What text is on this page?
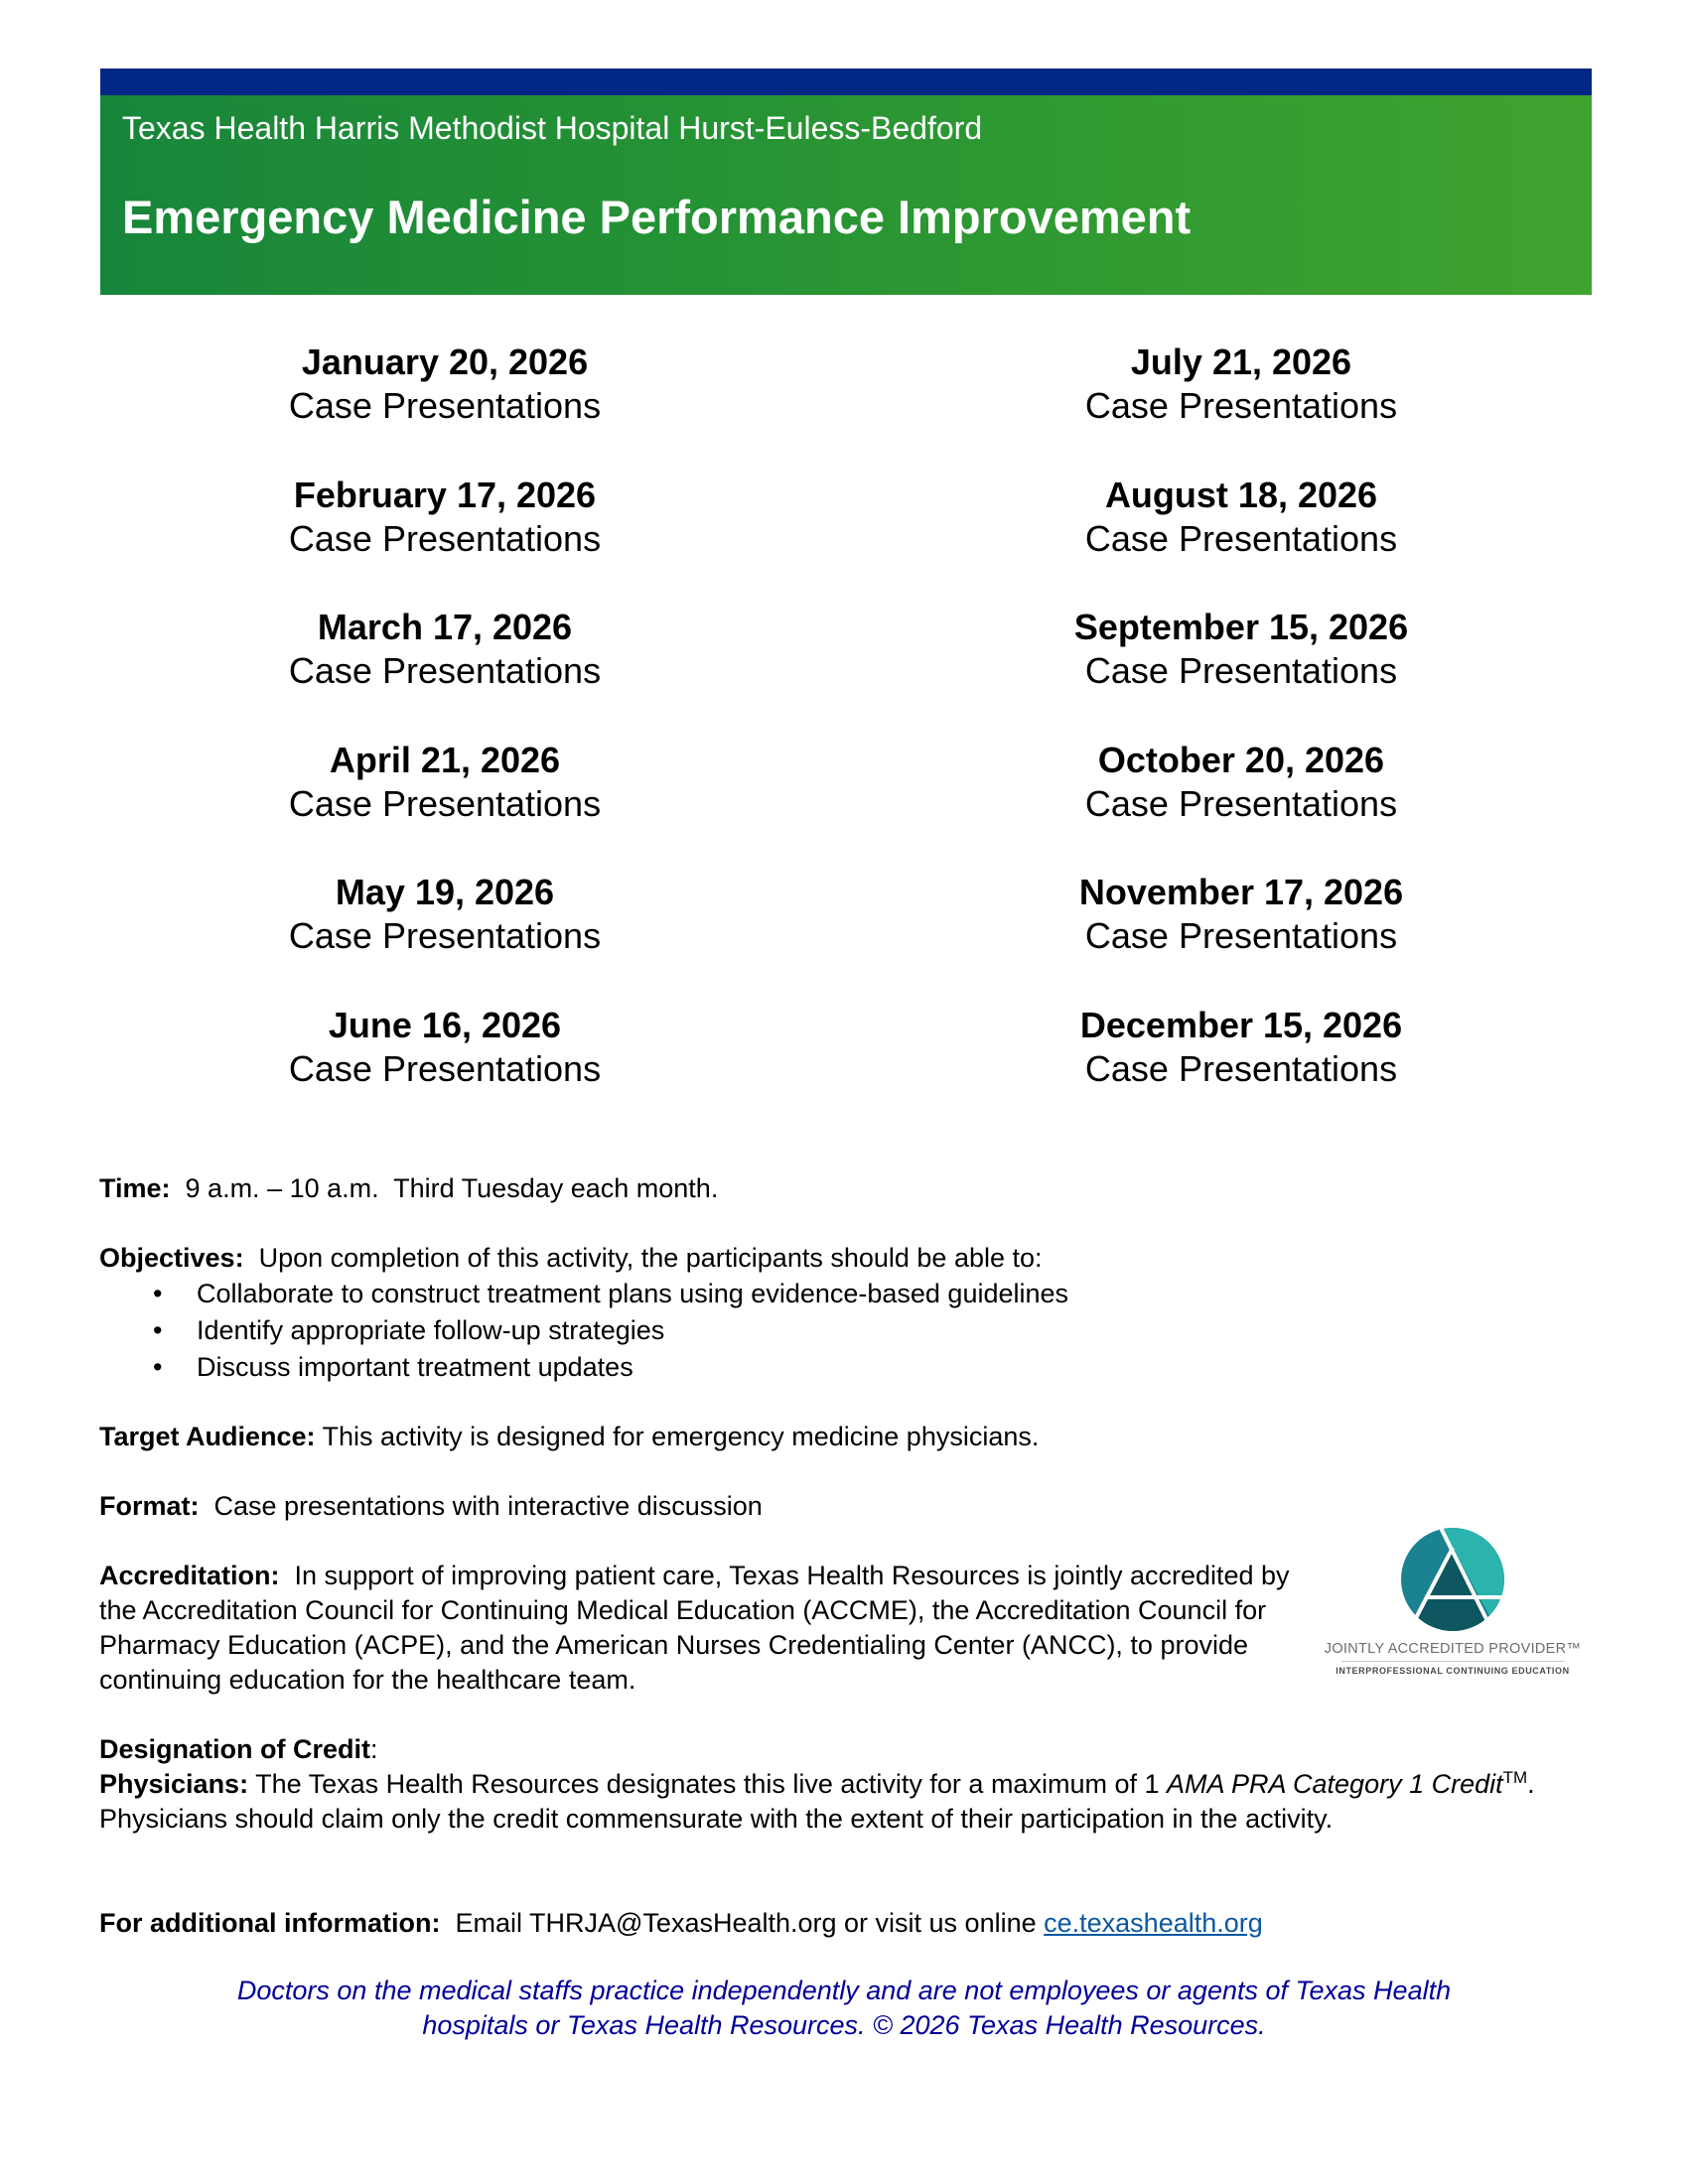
Texas Health Harris Methodist Hospital Hurst-Euless-Bedford
Emergency Medicine Performance Improvement
January 20, 2026
Case Presentations
February 17, 2026
Case Presentations
March 17, 2026
Case Presentations
April 21, 2026
Case Presentations
May 19, 2026
Case Presentations
June 16, 2026
Case Presentations
July 21, 2026
Case Presentations
August 18, 2026
Case Presentations
September 15, 2026
Case Presentations
October 20, 2026
Case Presentations
November 17, 2026
Case Presentations
December 15, 2026
Case Presentations
Time:  9 a.m. – 10 a.m.  Third Tuesday each month.
Objectives:  Upon completion of this activity, the participants should be able to:
• Collaborate to construct treatment plans using evidence-based guidelines
• Identify appropriate follow-up strategies
• Discuss important treatment updates
Target Audience: This activity is designed for emergency medicine physicians.
Format:  Case presentations with interactive discussion
Accreditation:  In support of improving patient care, Texas Health Resources is jointly accredited by the Accreditation Council for Continuing Medical Education (ACCME), the Accreditation Council for Pharmacy Education (ACPE), and the American Nurses Credentialing Center (ANCC), to provide continuing education for the healthcare team.
JOINTLY ACCREDITED PROVIDER™
INTERPROFESSIONAL CONTINUING EDUCATION
Designation of Credit:
Physicians: The Texas Health Resources designates this live activity for a maximum of 1 AMA PRA Category 1 Credit™.  Physicians should claim only the credit commensurate with the extent of their participation in the activity.
For additional information:  Email THRJA@TexasHealth.org or visit us online ce.texashealth.org
Doctors on the medical staffs practice independently and are not employees or agents of Texas Health
hospitals or Texas Health Resources. © 2026 Texas Health Resources.
